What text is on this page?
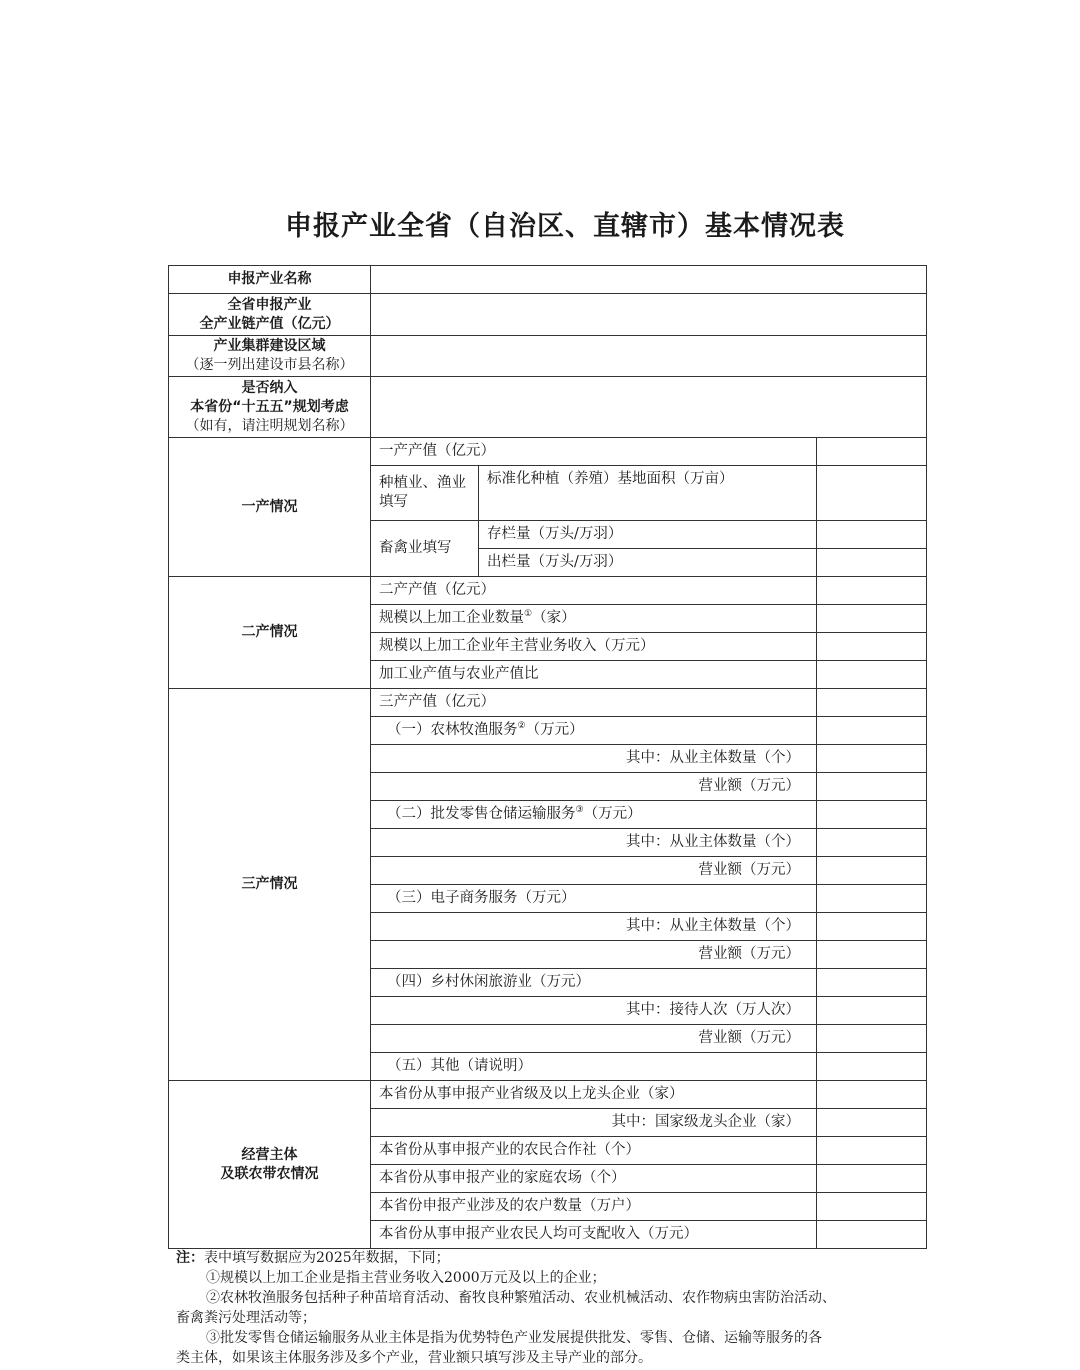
申报产业全省（自治区、直辖市）基本情况表
申报产业名称			

全省申报产业
全产业链产值（亿元）			

产业集群建设区域
（逐一列出建设市县名称）			

是否纳入
本省份“十五五”规划考虑
（如有，请注明规划名称）			

一产情况	一产产值（亿元）		
	种植业、渔业填写	标准化种植（养殖）基地面积（万亩）	
	畜禽业填写	存栏量（万头/万羽）	
		出栏量（万头/万羽）	
二产情况	二产产值（亿元）		
	规模以上加工企业数量①（家）		
	规模以上加工企业年主营业务收入（万元）		
	加工业产值与农业产值比		
三产情况	三产产值（亿元）		
	（一）农林牧渔服务②（万元）		
	其中：从业主体数量（个）		
	营业额（万元）		
	（二）批发零售仓储运输服务③（万元）		
	其中：从业主体数量（个）		
	营业额（万元）		
	（三）电子商务服务（万元）		
	其中：从业主体数量（个）		
	营业额（万元）		
	（四）乡村休闲旅游业（万元）		
	其中：接待人次（万人次）		
	营业额（万元）		
	（五）其他（请说明）		

经营主体
及联农带农情况	本省份从事申报产业省级及以上龙头企业（家）		
	其中：国家级龙头企业（家）		
	本省份从事申报产业的农民合作社（个）		
	本省份从事申报产业的家庭农场（个）		
	本省份申报产业涉及的农户数量（万户）		
	本省份从事申报产业农民人均可支配收入（万元）		
注：表中填写数据应为2025年数据，下同；
①规模以上加工企业是指主营业务收入2000万元及以上的企业；
②农林牧渔服务包括种子种苗培育活动、畜牧良种繁殖活动、农业机械活动、农作物病虫害防治活动、
畜禽粪污处理活动等；
③批发零售仓储运输服务从业主体是指为优势特色产业发展提供批发、零售、仓储、运输等服务的各
类主体，如果该主体服务涉及多个产业，营业额只填写涉及主导产业的部分。
